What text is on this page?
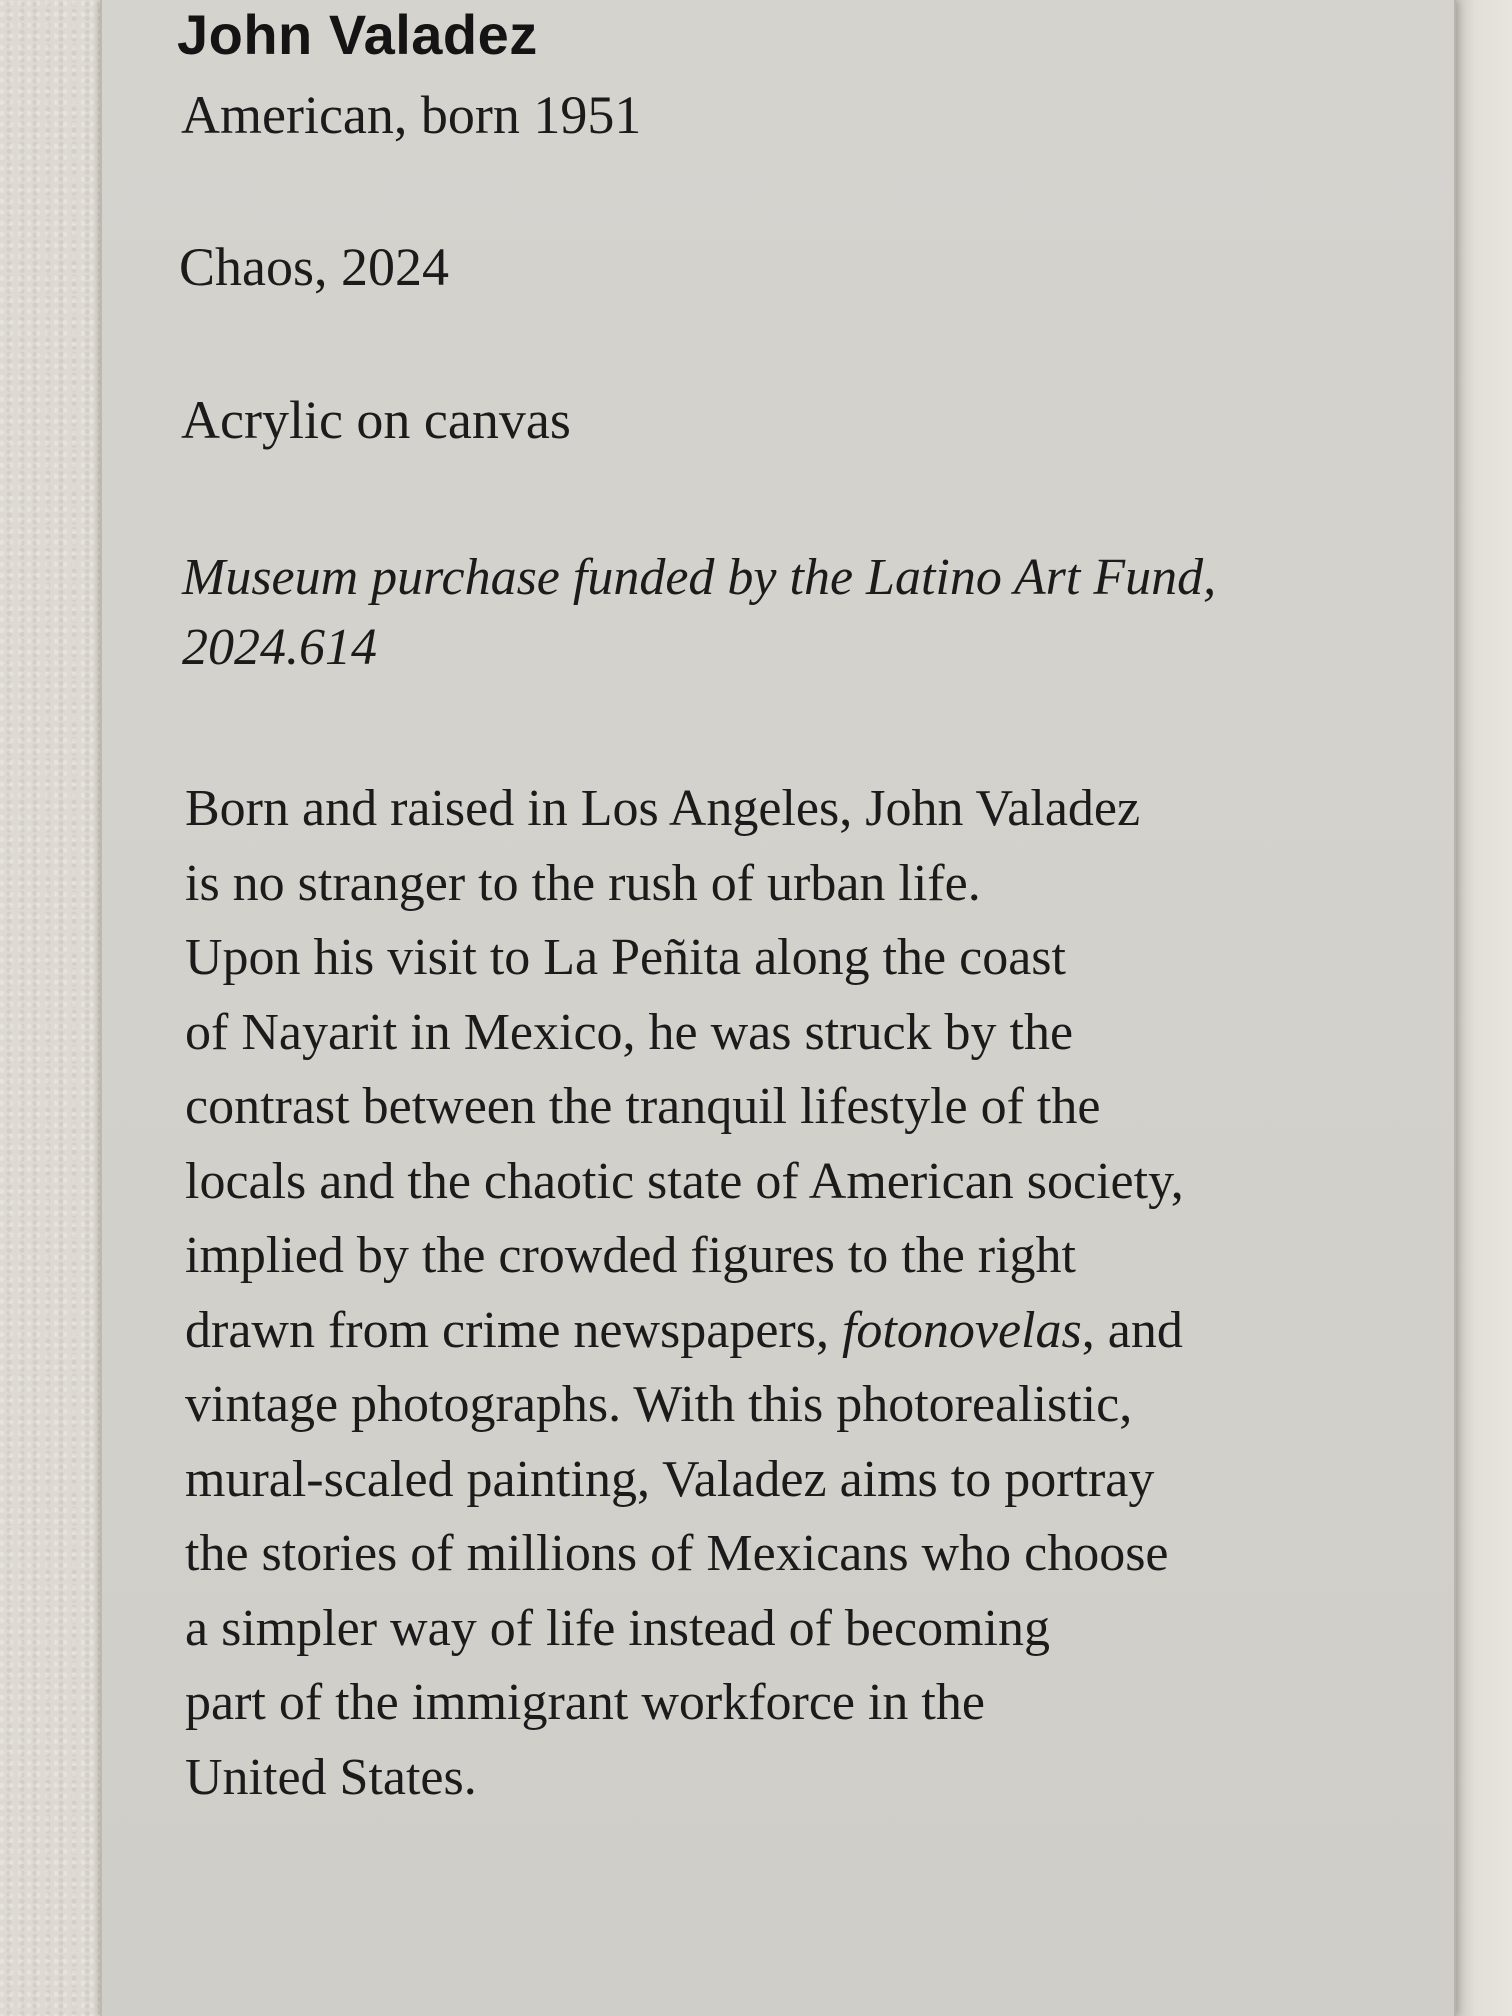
John Valadez

American, born 1951

Chaos, 2024

Acrylic on canvas

Museum purchase funded by the Latino Art Fund,
2024.614

Born and raised in Los Angeles, John Valadez
is no stranger to the rush of urban life.
Upon his visit to La Peñita along the coast
of Nayarit in Mexico, he was struck by the
contrast between the tranquil lifestyle of the
locals and the chaotic state of American society,
implied by the crowded figures to the right
drawn from crime newspapers, fotonovelas, and
vintage photographs. With this photorealistic,
mural-scaled painting, Valadez aims to portray
the stories of millions of Mexicans who choose
a simpler way of life instead of becoming
part of the immigrant workforce in the
United States.
